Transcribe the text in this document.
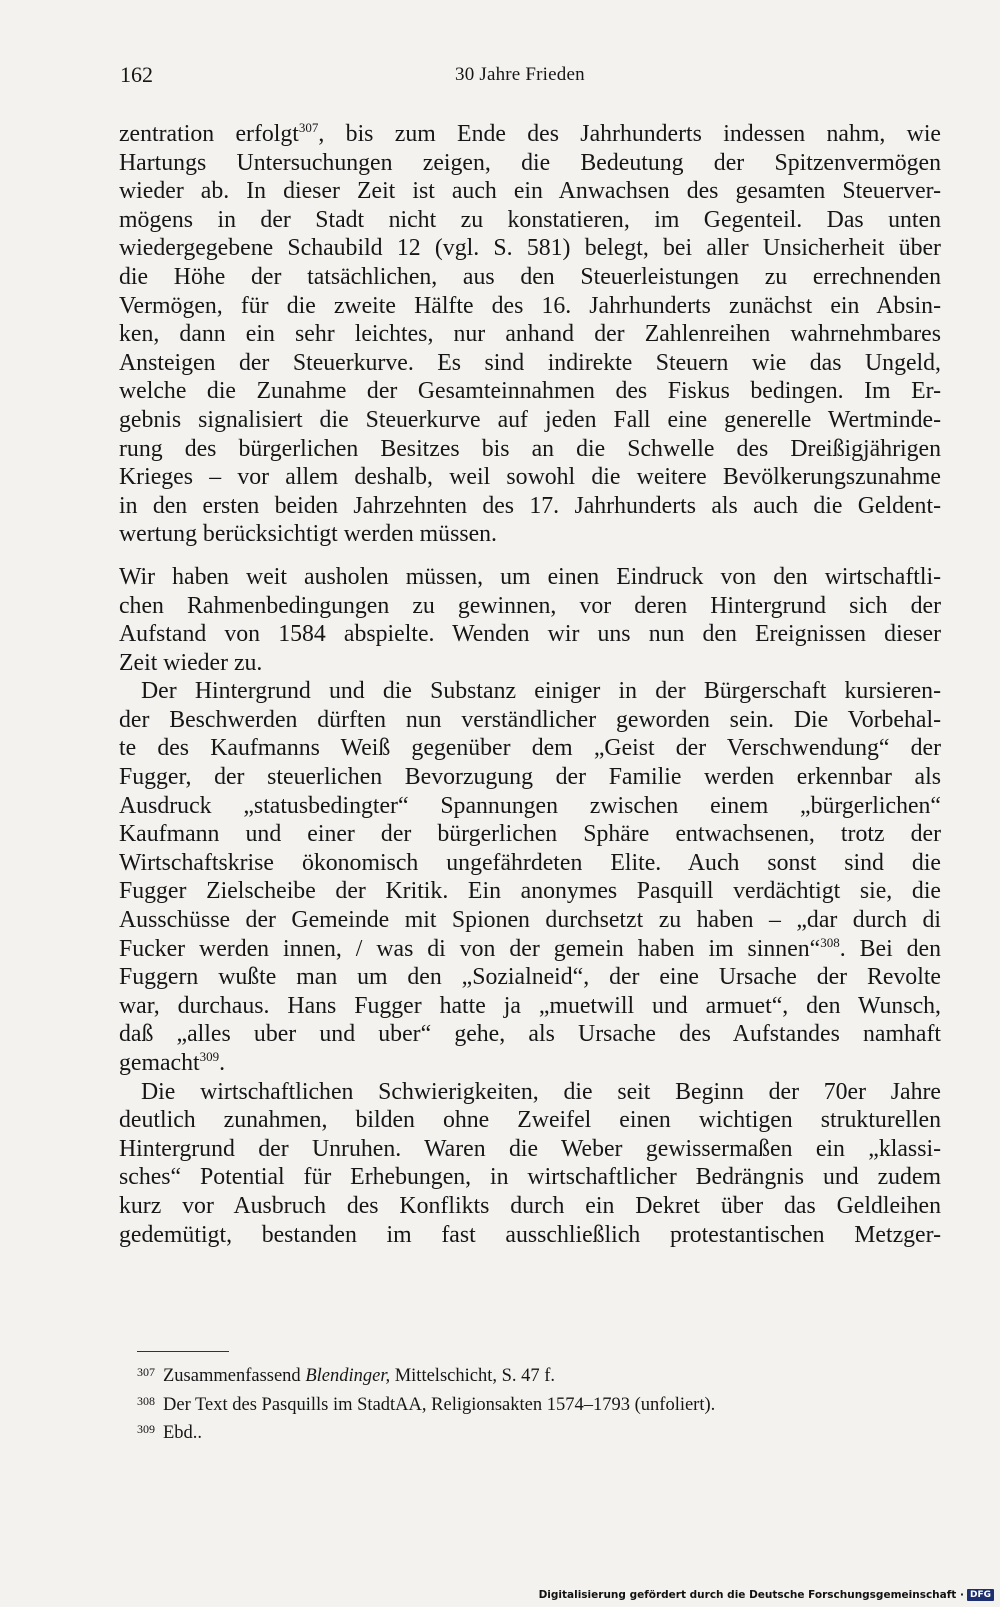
162	30 Jahre Frieden
zentration erfolgt$^{307}$, bis zum Ende des Jahrhunderts indessen nahm, wie
Hartungs Untersuchungen zeigen, die Bedeutung der Spitzenvermögen
wieder ab. In dieser Zeit ist auch ein Anwachsen des gesamten Steuerver-
mögens in der Stadt nicht zu konstatieren, im Gegenteil. Das unten
wiedergegebene Schaubild 12 (vgl. S. 581) belegt, bei aller Unsicherheit über
die Höhe der tatsächlichen, aus den Steuerleistungen zu errechnenden
Vermögen, für die zweite Hälfte des 16. Jahrhunderts zunächst ein Absin-
ken, dann ein sehr leichtes, nur anhand der Zahlenreihen wahrnehmbares
Ansteigen der Steuerkurve. Es sind indirekte Steuern wie das Ungeld,
welche die Zunahme der Gesamteinnahmen des Fiskus bedingen. Im Er-
gebnis signalisiert die Steuerkurve auf jeden Fall eine generelle Wertminde-
rung des bürgerlichen Besitzes bis an die Schwelle des Dreißigjährigen
Krieges – vor allem deshalb, weil sowohl die weitere Bevölkerungszunahme
in den ersten beiden Jahrzehnten des 17. Jahrhunderts als auch die Geldent-
wertung berücksichtigt werden müssen.
Wir haben weit ausholen müssen, um einen Eindruck von den wirtschaftli-
chen Rahmenbedingungen zu gewinnen, vor deren Hintergrund sich der
Aufstand von 1584 abspielte. Wenden wir uns nun den Ereignissen dieser
Zeit wieder zu.
Der Hintergrund und die Substanz einiger in der Bürgerschaft kursieren-
der Beschwerden dürften nun verständlicher geworden sein. Die Vorbehal-
te des Kaufmanns Weiß gegenüber dem „Geist der Verschwendung“ der
Fugger, der steuerlichen Bevorzugung der Familie werden erkennbar als
Ausdruck „statusbedingter“ Spannungen zwischen einem „bürgerlichen“
Kaufmann und einer der bürgerlichen Sphäre entwachsenen, trotz der
Wirtschaftskrise ökonomisch ungefährdeten Elite. Auch sonst sind die
Fugger Zielscheibe der Kritik. Ein anonymes Pasquill verdächtigt sie, die
Ausschüsse der Gemeinde mit Spionen durchsetzt zu haben – „dar durch di
Fucker werden innen, / was di von der gemein haben im sinnen“$^{308}$. Bei den
Fuggern wußte man um den „Sozialneid“, der eine Ursache der Revolte
war, durchaus. Hans Fugger hatte ja „muetwill und armuet“, den Wunsch,
daß „alles uber und uber“ gehe, als Ursache des Aufstandes namhaft
gemacht$^{309}$.
Die wirtschaftlichen Schwierigkeiten, die seit Beginn der 70er Jahre
deutlich zunahmen, bilden ohne Zweifel einen wichtigen strukturellen
Hintergrund der Unruhen. Waren die Weber gewissermaßen ein „klassi-
sches“ Potential für Erhebungen, in wirtschaftlicher Bedrängnis und zudem
kurz vor Ausbruch des Konflikts durch ein Dekret über das Geldleihen
gedemütigt, bestanden im fast ausschließlich protestantischen Metzger-
307 Zusammenfassend Blendinger, Mittelschicht, S. 47 f.
308 Der Text des Pasquills im StadtAA, Religionsakten 1574–1793 (unfoliert).
309 Ebd..
Digitalisierung gefördert durch die Deutsche Forschungsgemeinschaft · DFG
